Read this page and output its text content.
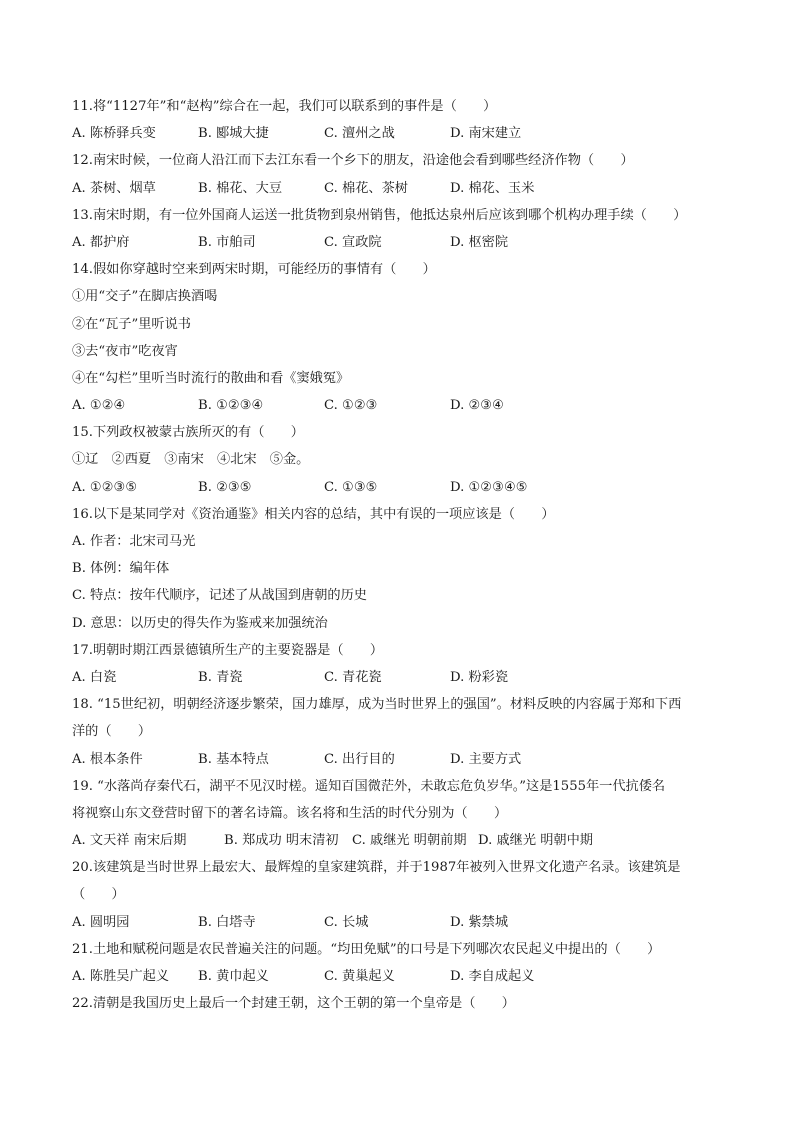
11.将“1127年”和“赵构”综合在一起，我们可以联系到的事件是（　　）
A. 陈桥驿兵变	B. 郾城大捷	C. 澶州之战	D. 南宋建立
12.南宋时候，一位商人沿江而下去江东看一个乡下的朋友，沿途他会看到哪些经济作物（　　）
A. 茶树、烟草	B. 棉花、大豆	C. 棉花、茶树	D. 棉花、玉米
13.南宋时期，有一位外国商人运送一批货物到泉州销售，他抵达泉州后应该到哪个机构办理手续（　　）
A. 都护府	B. 市舶司	C. 宣政院	D. 枢密院
14.假如你穿越时空来到两宋时期，可能经历的事情有（　　）
①用“交子”在脚店换酒喝
②在“瓦子”里听说书
③去“夜市”吃夜宵
④在“勾栏”里听当时流行的散曲和看《窦娥冤》
A. ①②④	B. ①②③④	C. ①②③	D. ②③④
15.下列政权被蒙古族所灭的有（　　）
①辽　②西夏　③南宋　④北宋　⑤金。
A. ①②③⑤	B. ②③⑤	C. ①③⑤	D. ①②③④⑤
16.以下是某同学对《资治通鉴》相关内容的总结，其中有误的一项应该是（　　）
A. 作者：北宋司马光
B. 体例：编年体
C. 特点：按年代顺序，记述了从战国到唐朝的历史
D. 意思：以历史的得失作为鉴戒来加强统治
17.明朝时期江西景德镇所生产的主要瓷器是（　　）
A. 白瓷	B. 青瓷	C. 青花瓷	D. 粉彩瓷
18. “15世纪初，明朝经济逐步繁荣，国力雄厚，成为当时世界上的强国”。材料反映的内容属于郑和下西
洋的（　　）
A. 根本条件	B. 基本特点	C. 出行目的	D. 主要方式
19. “水落尚存秦代石，湖平不见汉时槎。遥知百国微茫外，未敢忘危负岁华。”这是1555年一代抗倭名
将视察山东文登营时留下的著名诗篇。该名将和生活的时代分别为（　　）
A. 文天祥 南宋后期	B. 郑成功 明末清初	C. 戚继光 明朝前期 D. 戚继光 明朝中期
20.该建筑是当时世界上最宏大、最辉煌的皇家建筑群，并于1987年被列入世界文化遗产名录。该建筑是
（　　）
A. 圆明园	B. 白塔寺	C. 长城	D. 紫禁城
21.土地和赋税问题是农民普遍关注的问题。“均田免赋”的口号是下列哪次农民起义中提出的（　　）
A. 陈胜吴广起义	B. 黄巾起义	C. 黄巢起义	D. 李自成起义
22.清朝是我国历史上最后一个封建王朝，这个王朝的第一个皇帝是（　　）
